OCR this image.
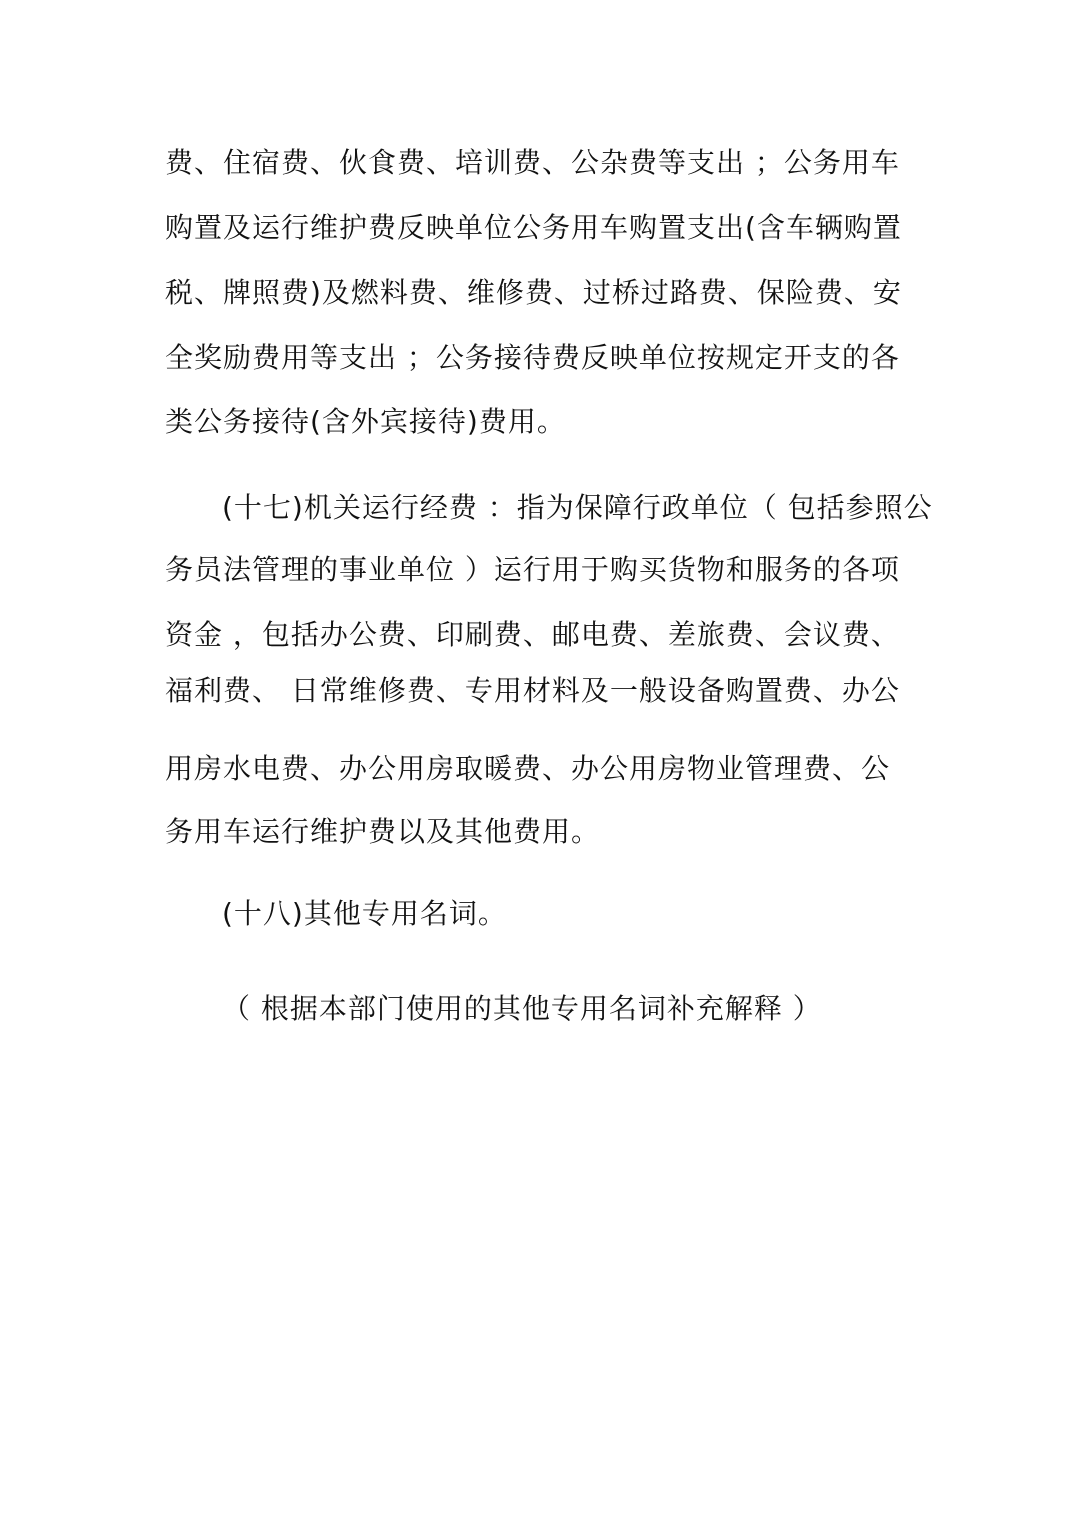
费、住宿费、伙食费、培训费、公杂费等支出 ；公务用车
购置及运行维护费反映单位公务用车购置支出(含车辆购置
税、牌照费)及燃料费、维修费、过桥过路费、保险费、安
全奖励费用等支出 ；公务接待费反映单位按规定开支的各
类公务接待(含外宾接待)费用。
(十七)机关运行经费 ：指为保障行政单位（ 包括参照公
务员法管理的事业单位 ）运行用于购买货物和服务的各项
资金 ，包括办公费、印刷费、邮电费、差旅费、会议费、
福利费、 日常维修费、专用材料及一般设备购置费、办公
用房水电费、办公用房取暖费、办公用房物业管理费、公
务用车运行维护费以及其他费用。
(十八)其他专用名词。
（ 根据本部门使用的其他专用名词补充解释 ）
